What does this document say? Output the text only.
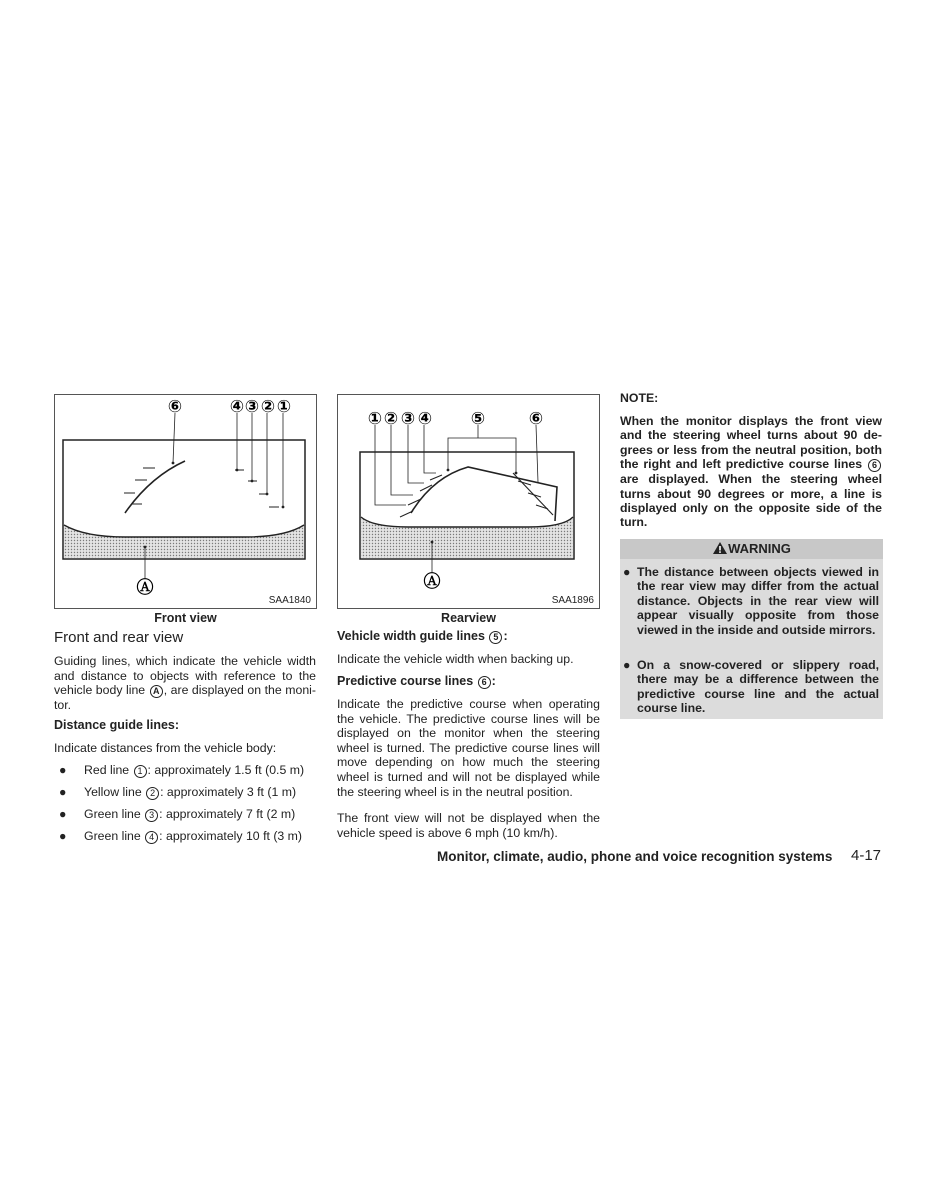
⑥	④ ③ ② ①
Ⓐ
SAA1840
Front view
① ② ③ ④ ⑤	⑥
Ⓐ
SAA1896
Rearview
Front and rear view
Guiding lines, which indicate the vehicle width and distance to objects with reference to the vehicle body line A , are displayed on the moni-tor.
Distance guide lines:
Indicate distances from the vehicle body:
● Red line 1 : approximately 1.5 ft (0.5 m)
● Yellow line 2 : approximately 3 ft (1 m)
● Green line 3 : approximately 7 ft (2 m)
● Green line 4 : approximately 10 ft (3 m)
Vehicle width guide lines 5 :
Indicate the vehicle width when backing up.
Predictive course lines 6 :
Indicate the predictive course when operating the vehicle. The predictive course lines will be displayed on the monitor when the steering wheel is turned. The predictive course lines will move depending on how much the steering wheel is turned and will not be displayed while the steering wheel is in the neutral position.
The front view will not be displayed when the vehicle speed is above 6 mph (10 km/h).
NOTE:
When the monitor displays the front view and the steering wheel turns about 90 de-grees or less from the neutral position, both the right and left predictive course lines 6 are displayed. When the steering wheel turns about 90 degrees or more, a line is displayed only on the opposite side of the turn.
WARNING
● The distance between objects viewed in the rear view may differ from the actual distance. Objects in the rear view will appear visually opposite from those viewed in the inside and outside mirrors.
● On a snow-covered or slippery road, there may be a difference between the predictive course line and the actual course line.
Monitor, climate, audio, phone and voice recognition systems 4-17
